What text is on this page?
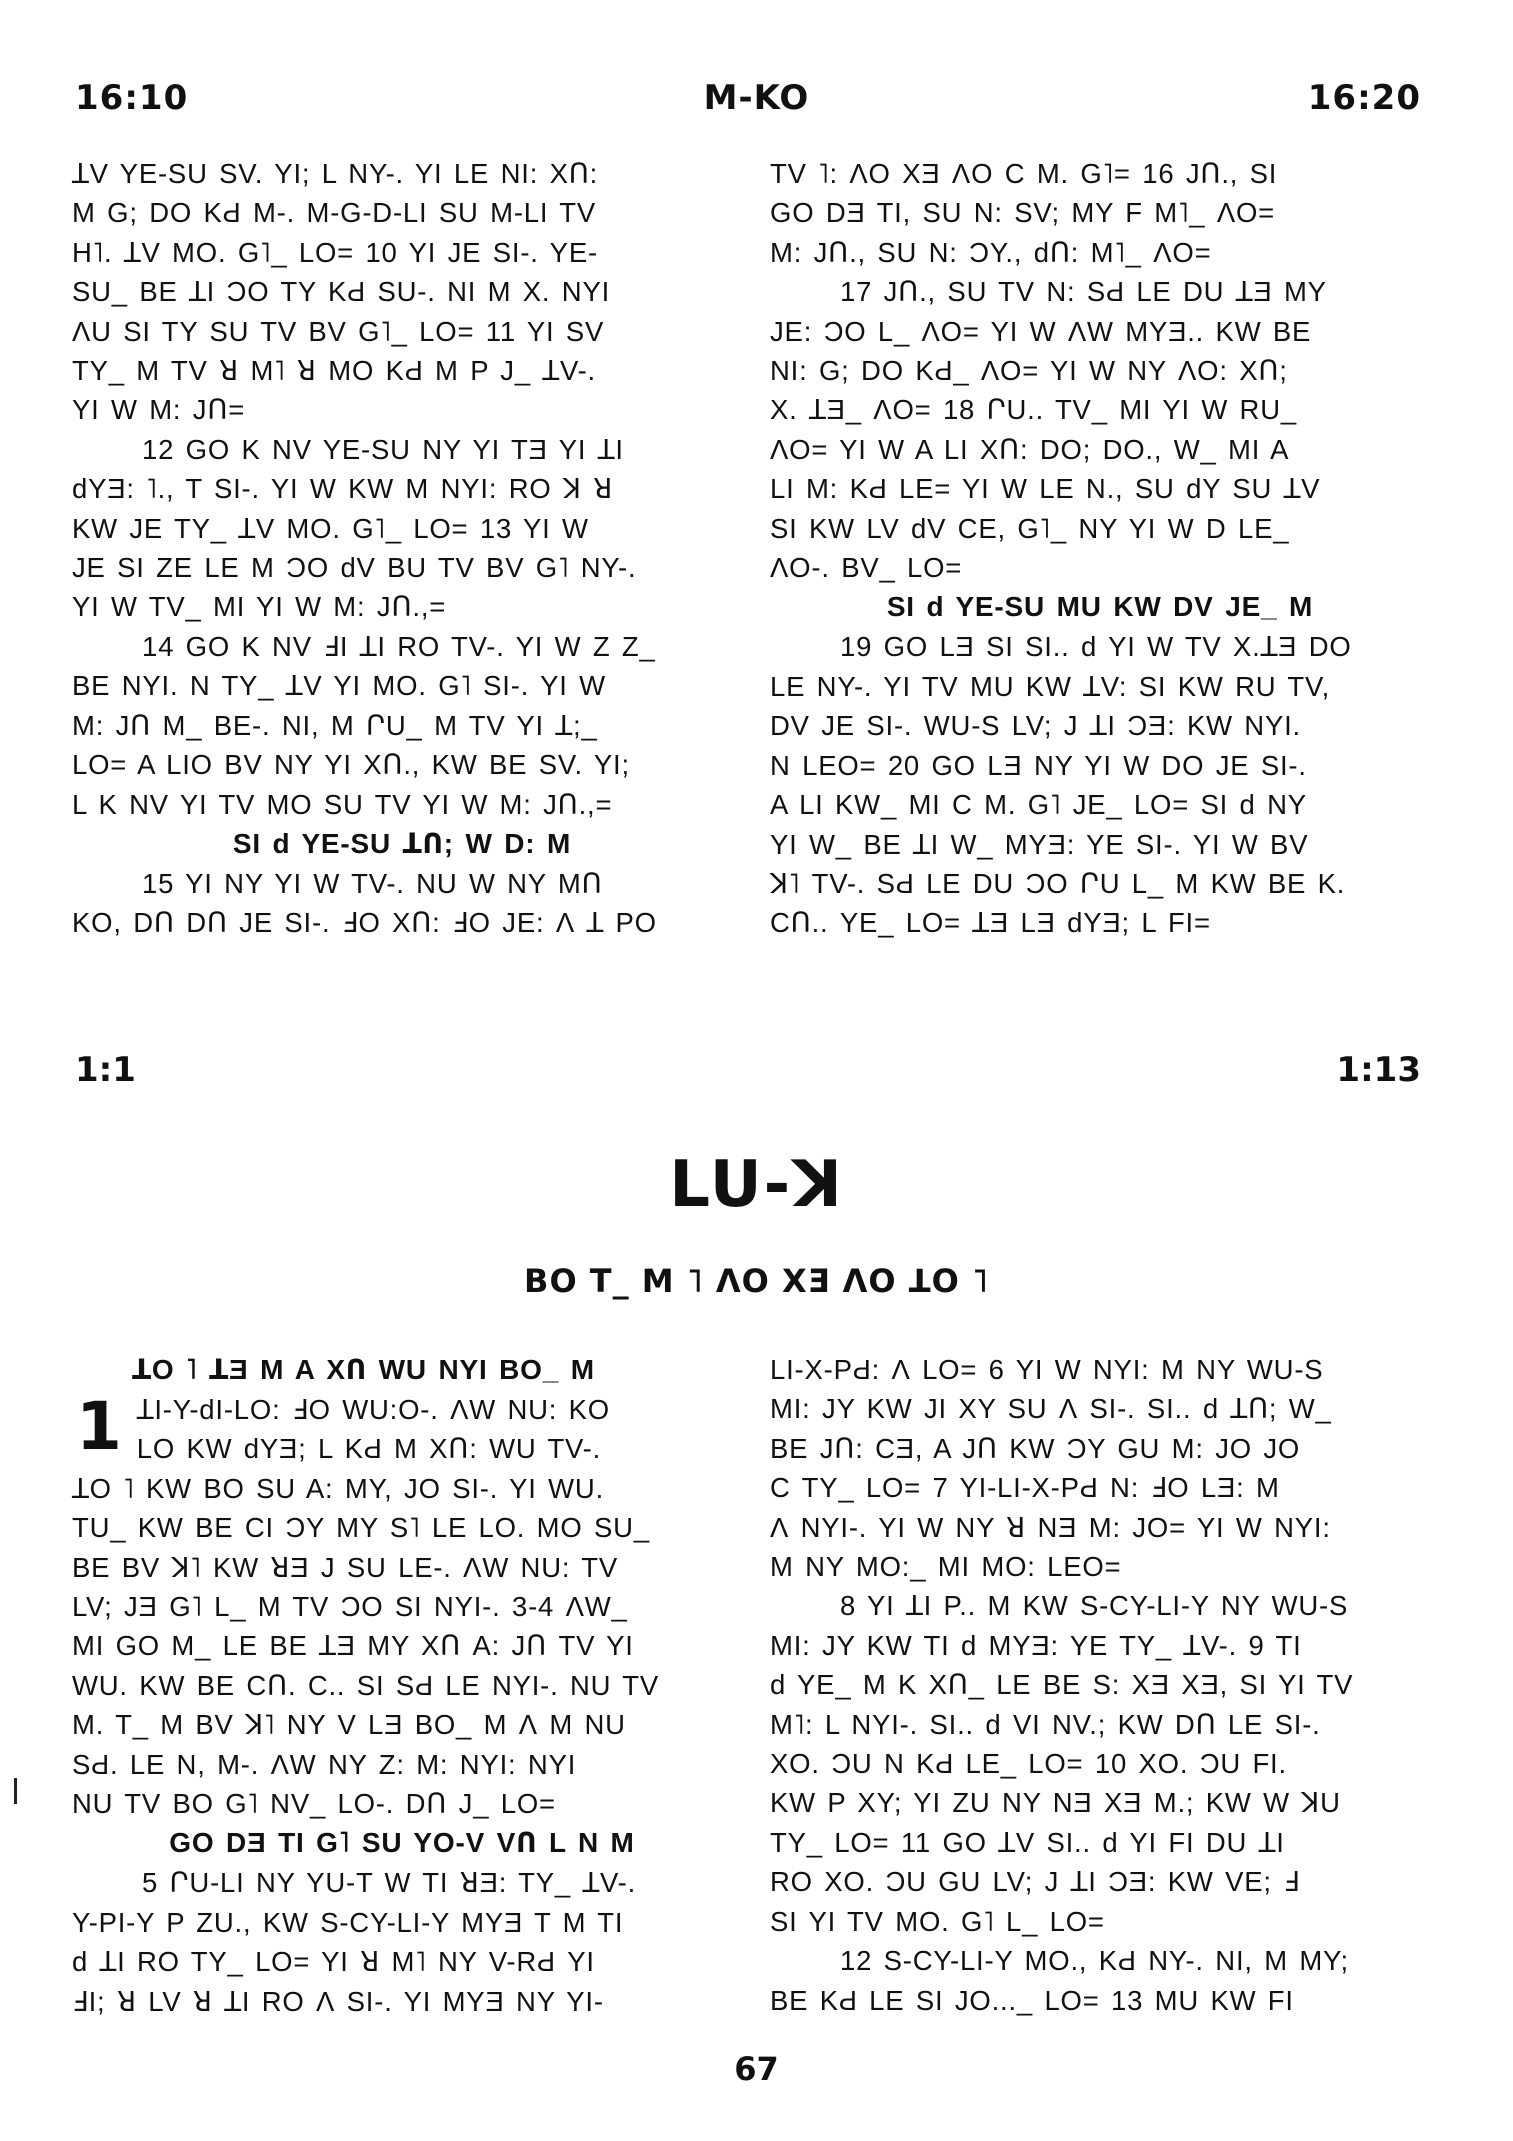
16:10	M-KO	16:20

ꓕV YE-SU SV. YI; L NY-. YI LE NI: XՈ:

M G; DO KԀ M-. M-G-D-LI SU M-LI TV

H˥. ꓕV MO. G˥_ LO= 10 YI JE SI-. YE-

SU_ BE ꓕI ƆO TY KԀ SU-. NI M X. NYI

ɅU SI TY SU TV BV G˥_ LO= 11 YI SV

TY_ M TV ꓤ M˥ ꓤ MO KԀ M P J_ ꓕV-.

YI W M: JՈ=

12 GO K NV YE-SU NY YI TƎ YI ꓕI

dYƎ: ˥., T SI-. YI W KW M NYI: RO ꓘ ꓤ

KW JE TY_ ꓕV MO. G˥_ LO= 13 YI W

JE SI ZE LE M ƆO dV BU TV BV G˥ NY-.

YI W TV_ MI YI W M: JՈ.,=

14 GO K NV ℲI ꓕI RO TV-. YI W Z Z_

BE NYI. N TY_ ꓕV YI MO. G˥ SI-. YI W

M: JՈ M_ BE-. NI, M ՐU_ M TV YI ꓕ;_

LO= A LIO BV NY YI XՈ., KW BE SV. YI;

L K NV YI TV MO SU TV YI W M: JՈ.,=

SI d YE-SU ꓕՈ; W D: M

15 YI NY YI W TV-. NU W NY MՈ

KO, DՈ DՈ JE SI-. ℲO XՈ: ℲO JE: Ʌ ꓕ PO

TV ˥: ɅO XƎ ɅO C M. G˥= 16 JՈ., SI

GO DƎ TI, SU N: SV; MY F M˥_ ɅO=

M: JՈ., SU N: ƆY., dՈ: M˥_ ɅO=

17 JՈ., SU TV N: SԀ LE DU ꓕƎ MY

JE: ƆO L_ ɅO= YI W ɅW MYƎ.. KW BE

NI: G; DO KԀ_ ɅO= YI W NY ɅO: XՈ;

X. ꓕƎ_ ɅO= 18 ՐU.. TV_ MI YI W RU_

ɅO= YI W A LI XՈ: DO; DO., W_ MI A

LI M: KԀ LE= YI W LE N., SU dY SU ꓕV

SI KW LV dV CE, G˥_ NY YI W D LE_

ɅO-. BV_ LO=

SI d YE-SU MU KW DV JE_ M

19 GO LƎ SI SI.. d YI W TV X.ꓕƎ DO

LE NY-. YI TV MU KW ꓕV: SI KW RU TV,

DV JE SI-. WU-S LV; J ꓕI ƆƎ: KW NYI.

N LEO= 20 GO LƎ NY YI W DO JE SI-.

A LI KW_ MI C M. G˥ JE_ LO= SI d NY

YI W_ BE ꓕI W_ MYƎ: YE SI-. YI W BV

ꓘ˥ TV-. SԀ LE DU ƆO ՐU L_ M KW BE K.

CՈ.. YE_ LO= ꓕƎ LƎ dYƎ; L FI=

1:1	1:13
LU-ꓘ
BO T_ M ˥ ɅO XƎ ɅO ꓕO ˥
ꓕO ˥ ꓕƎ M A XՈ WU NYI BO_ M
1 ꓕI-Y-dI-LO: ℲO WU:O-. ɅW NU: KO

LO KW dYƎ; L KԀ M XՈ: WU TV-.

ꓕO ˥ KW BO SU A: MY, JO SI-. YI WU.

TU_ KW BE CI ƆY MY S˥ LE LO. MO SU_

BE BV ꓘ˥ KW ꓤƎ J SU LE-. ɅW NU: TV

LV; JƎ G˥ L_ M TV ƆO SI NYI-. 3-4 ɅW_

MI GO M_ LE BE ꓕƎ MY XՈ A: JՈ TV YI

WU. KW BE CՈ. C.. SI SԀ LE NYI-. NU TV

M. T_ M BV ꓘ˥ NY V LƎ BO_ M Ʌ M NU

SԀ. LE N, M-. ɅW NY Z: M: NYI: NYI

NU TV BO G˥ NV_ LO-. DՈ J_ LO=

GO DƎ TI G˥ SU YO-V VՈ L N M

5 ՐU-LI NY YU-T W TI ꓤƎ: TY_ ꓕV-.

Y-PI-Y P ZU., KW S-CY-LI-Y MYƎ T M TI

d ꓕI RO TY_ LO= YI ꓤ M˥ NY V-RԀ YI

ℲI; ꓤ LV ꓤ ꓕI RO Ʌ SI-. YI MYƎ NY YI-

LI-X-PԀ: Ʌ LO= 6 YI W NYI: M NY WU-S

MI: JY KW JI XY SU Ʌ SI-. SI.. d ꓕՈ; W_

BE JՈ: CƎ, A JՈ KW ƆY GU M: JO JO

C TY_ LO= 7 YI-LI-X-PԀ N: ℲO LƎ: M

Ʌ NYI-. YI W NY ꓤ NƎ M: JO= YI W NYI:

M NY MO:_ MI MO: LEO=

8 YI ꓕI P.. M KW S-CY-LI-Y NY WU-S

MI: JY KW TI d MYƎ: YE TY_ ꓕV-. 9 TI

d YE_ M K XՈ_ LE BE S: XƎ XƎ, SI YI TV

M˥: L NYI-. SI.. d VI NV.; KW DՈ LE SI-.

XO. ƆU N KԀ LE_ LO= 10 XO. ƆU FI.

KW P XY; YI ZU NY NƎ XƎ M.; KW W ꓘU

TY_ LO= 11 GO ꓕV SI.. d YI FI DU ꓕI

RO XO. ƆU GU LV; J ꓕI ƆƎ: KW VE; Ⅎ

SI YI TV MO. G˥ L_ LO=

12 S-CY-LI-Y MO., KԀ NY-. NI, M MY;

BE KԀ LE SI JO..._ LO= 13 MU KW FI

67
